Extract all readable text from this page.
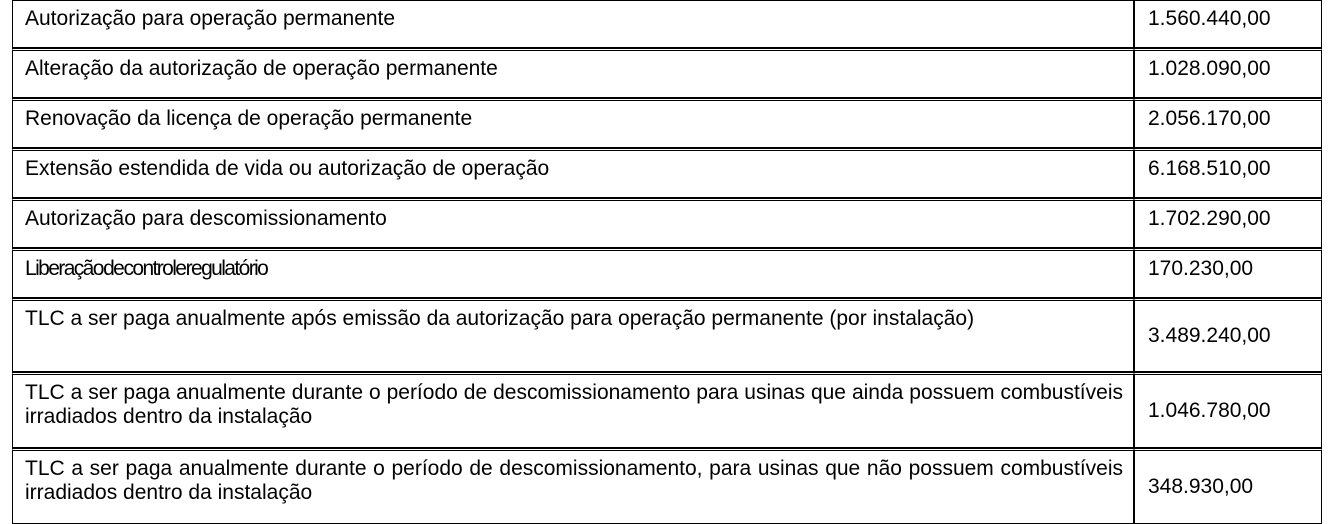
Autorização para operação permanente	1.560.440,00
Alteração da autorização de operação permanente	1.028.090,00
Renovação da licença de operação permanente	2.056.170,00
Extensão estendida de vida ou autorização de operação	6.168.510,00
Autorização para descomissionamento	1.702.290,00
Liberação de controle regulatório	170.230,00
TLC a ser paga anualmente após emissão da autorização para operação permanente (por instalação)	3.489.240,00
TLC a ser paga anualmente durante o período de descomissionamento para usinas que ainda possuem combustíveis irradiados dentro da instalação	1.046.780,00
TLC a ser paga anualmente durante o período de descomissionamento, para usinas que não possuem combustíveis irradiados dentro da instalação	348.930,00
